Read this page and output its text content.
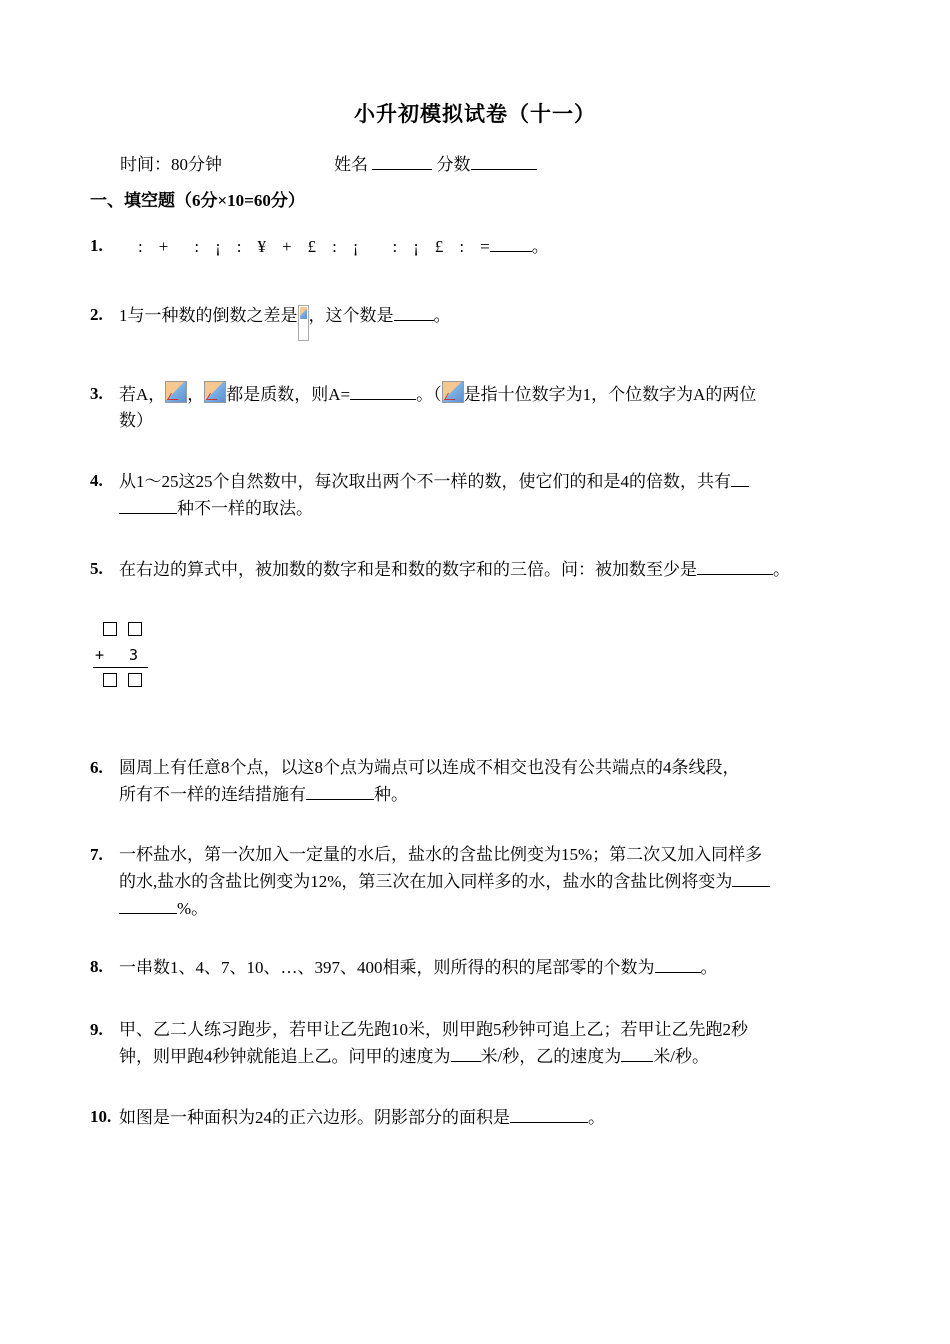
小升初模拟试卷（十一）
时间：80分钟	姓名	分数
一、填空题（6分×10=60分）
1. : + : ¡ : ¥ + £ : ¡ : ¡ £ : = 。
2. 1与一种数的倒数之差是 ，这个数是 。
3. 若A， ， 都是质数，则A=	。（ 是指十位数字为1，个位数字为A的两位
数）
4. 从1～25这25个自然数中，每次取出两个不一样的数，使它们的和是4的倍数，共有
种不一样的取法。
5. 在右边的算式中，被加数的数字和是和数的数字和的三倍。问：被加数至少是	。
+ 3
6. 圆周上有任意8个点，以这8个点为端点可以连成不相交也没有公共端点的4条线段，
所有不一样的连结措施有	种。
7. 一杯盐水，第一次加入一定量的水后，盐水的含盐比例变为15%；第二次又加入同样多
的水,盐水的含盐比例变为12%，第三次在加入同样多的水，盐水的含盐比例将变为
%。
8. 一串数1、4、7、10、…、397、400相乘，则所得的积的尾部零的个数为	。
9. 甲、乙二人练习跑步，若甲让乙先跑10米，则甲跑5秒钟可追上乙；若甲让乙先跑2秒
钟，则甲跑4秒钟就能追上乙。问甲的速度为 米/秒，乙的速度为 米/秒。
10. 如图是一种面积为24的正六边形。阴影部分的面积是	。
